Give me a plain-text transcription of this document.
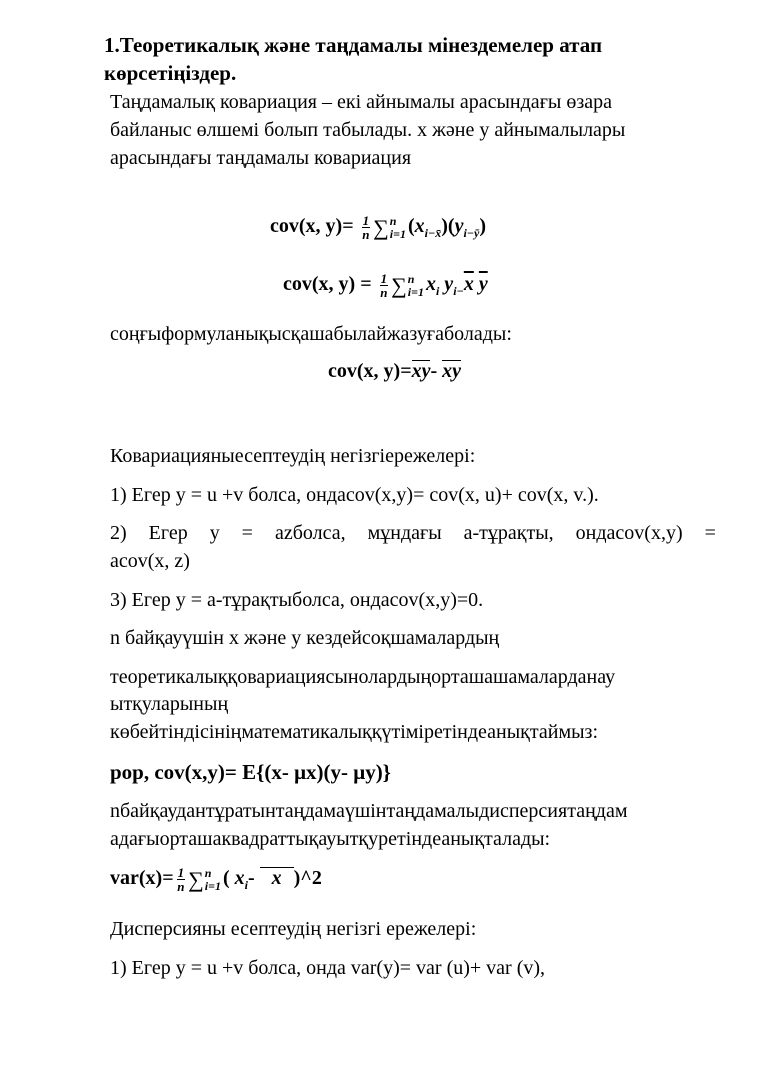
1.Теоретикалық және таңдамалы мінездемелер атап
көрсетіңіздер.
Таңдамалық ковариация – екі айнымалы арасындағы өзара
байланыс өлшемі болып табылады. x және у айнымалылары
арасындағы таңдамалы ковариация
cov(x, $y)= \frac{1}{n}$ ∑ n
i=1 $(x_{i-x̄})(y_{i-ȳ})$
cov(x, $y) = \frac{1}{n}$ ∑ n
i=1 $x_i$ $y_{i-}\overline{x}$ $\overline{y}$
соңғыформуланықысқашабылайжазуғаболады:
cov(x, y)=xy- xy
Ковариацияныесептеудің негізгіережелері:
1) Егер у = u +v болса, ондаcov(x,y)= cov(x, u)+ cov(x, v.).
2) Егер у = azболса, мұндағы a-тұрақты, ондаcov(x,y) =
acov(x, z)
3) Егер у = a-тұрақтыболса, ондаcov(x,y)=0.
n байқауүшін x және у кездейсоқшамалардың
теоретикалыққовариациясынолардыңорташашамаларданау
ытқуларының
көбейтіндісініңматематикалыққүтіміретіндеанықтаймыз:
рор, cov(x,y)= E{(x- μx)(y- μy)}
nбайқаудантұратынтаңдамаүшінтаңдамалыдисперсиятаңдам
адағыорташаквадраттықауытқуретіндеанықталады:
$var(x)= \frac{1}{n}$ ∑ n
i=1 ( $x_i-$ x )^2
Дисперсияны есептеудің негізгі ережелері:
1) Егер у = u +v болса, онда var(y)= var (u)+ var (v),
